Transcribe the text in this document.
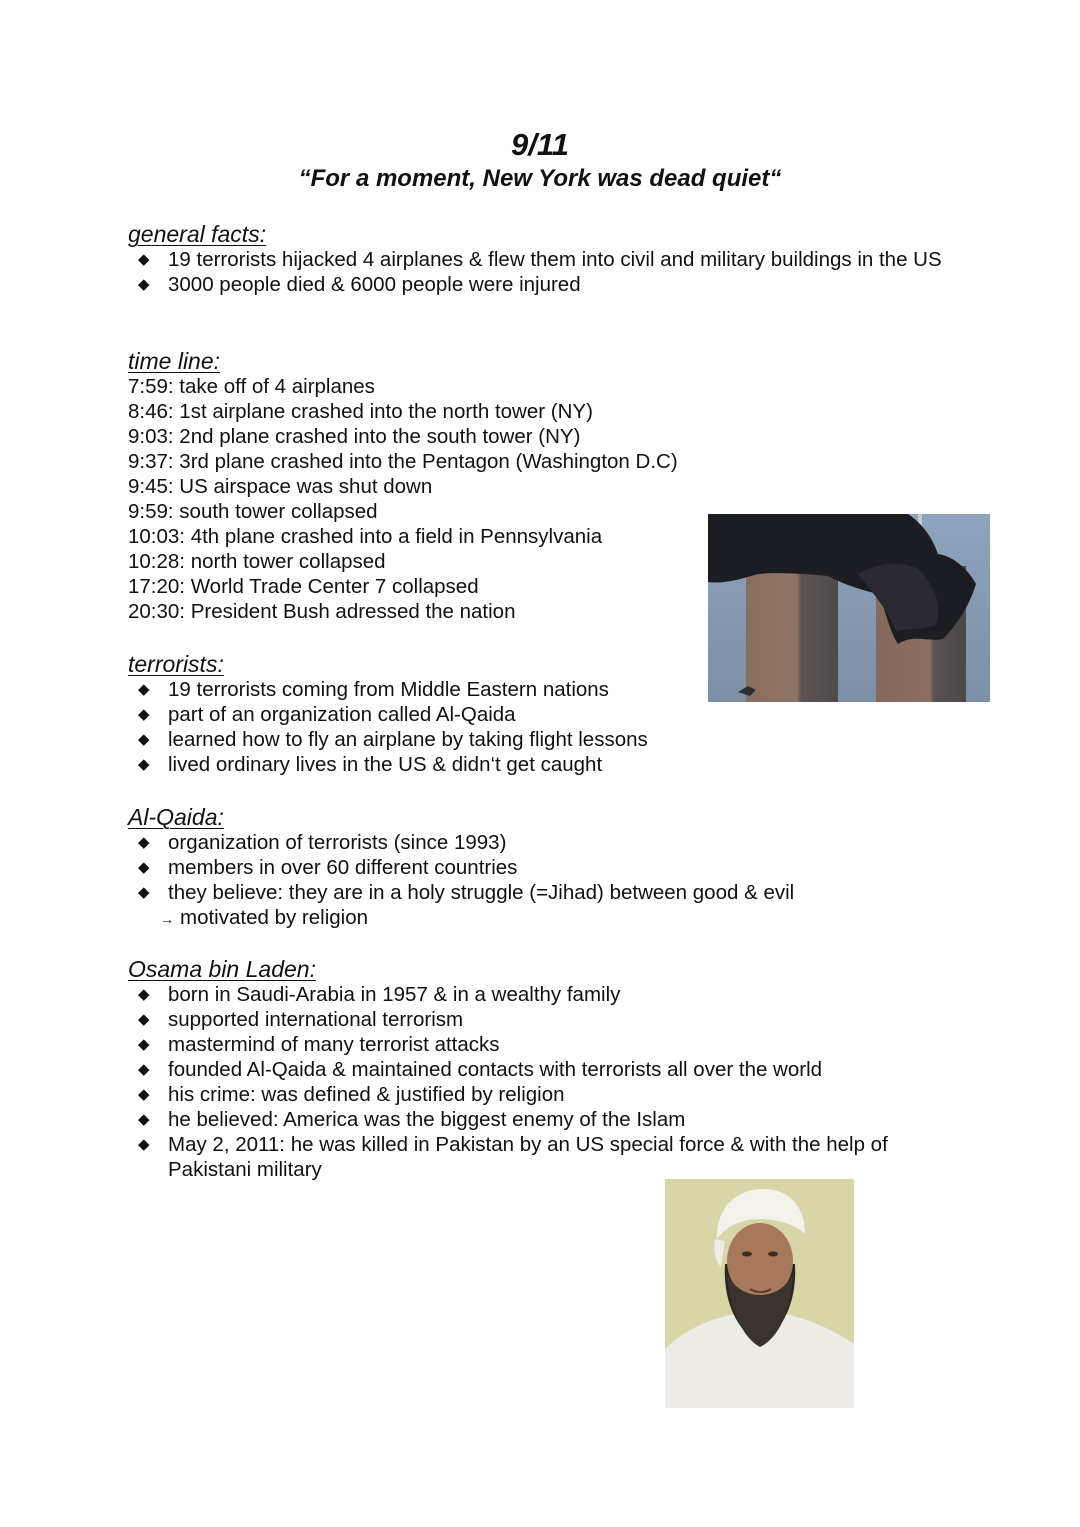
9/11
“For a moment, New York was dead quiet“
general facts:
◆ 19 terrorists hijacked 4 airplanes & flew them into civil and military buildings in the US
◆ 3000 people died & 6000 people were injured
time line:
7:59: take off of 4 airplanes
8:46: 1st airplane crashed into the north tower (NY)
9:03: 2nd plane crashed into the south tower (NY)
9:37: 3rd plane crashed into the Pentagon (Washington D.C)
9:45: US airspace was shut down
9:59: south tower collapsed
10:03: 4th plane crashed into a field in Pennsylvania
10:28: north tower collapsed
17:20: World Trade Center 7 collapsed
20:30: President Bush adressed the nation
terrorists:
◆ 19 terrorists coming from Middle Eastern nations
◆ part of an organization called Al-Qaida
◆ learned how to fly an airplane by taking flight lessons
◆ lived ordinary lives in the US & didn‘t get caught
Al-Qaida:
◆ organization of terrorists (since 1993)
◆ members in over 60 different countries
◆ they believe: they are in a holy struggle (=Jihad) between good & evil
→ motivated by religion
Osama bin Laden:
◆ born in Saudi-Arabia in 1957 & in a wealthy family
◆ supported international terrorism
◆ mastermind of many terrorist attacks
◆ founded Al-Qaida & maintained contacts with terrorists all over the world
◆ his crime: was defined & justified by religion
◆ he believed: America was the biggest enemy of the Islam
◆ May 2, 2011: he was killed in Pakistan by an US special force & with the help of Pakistani military
